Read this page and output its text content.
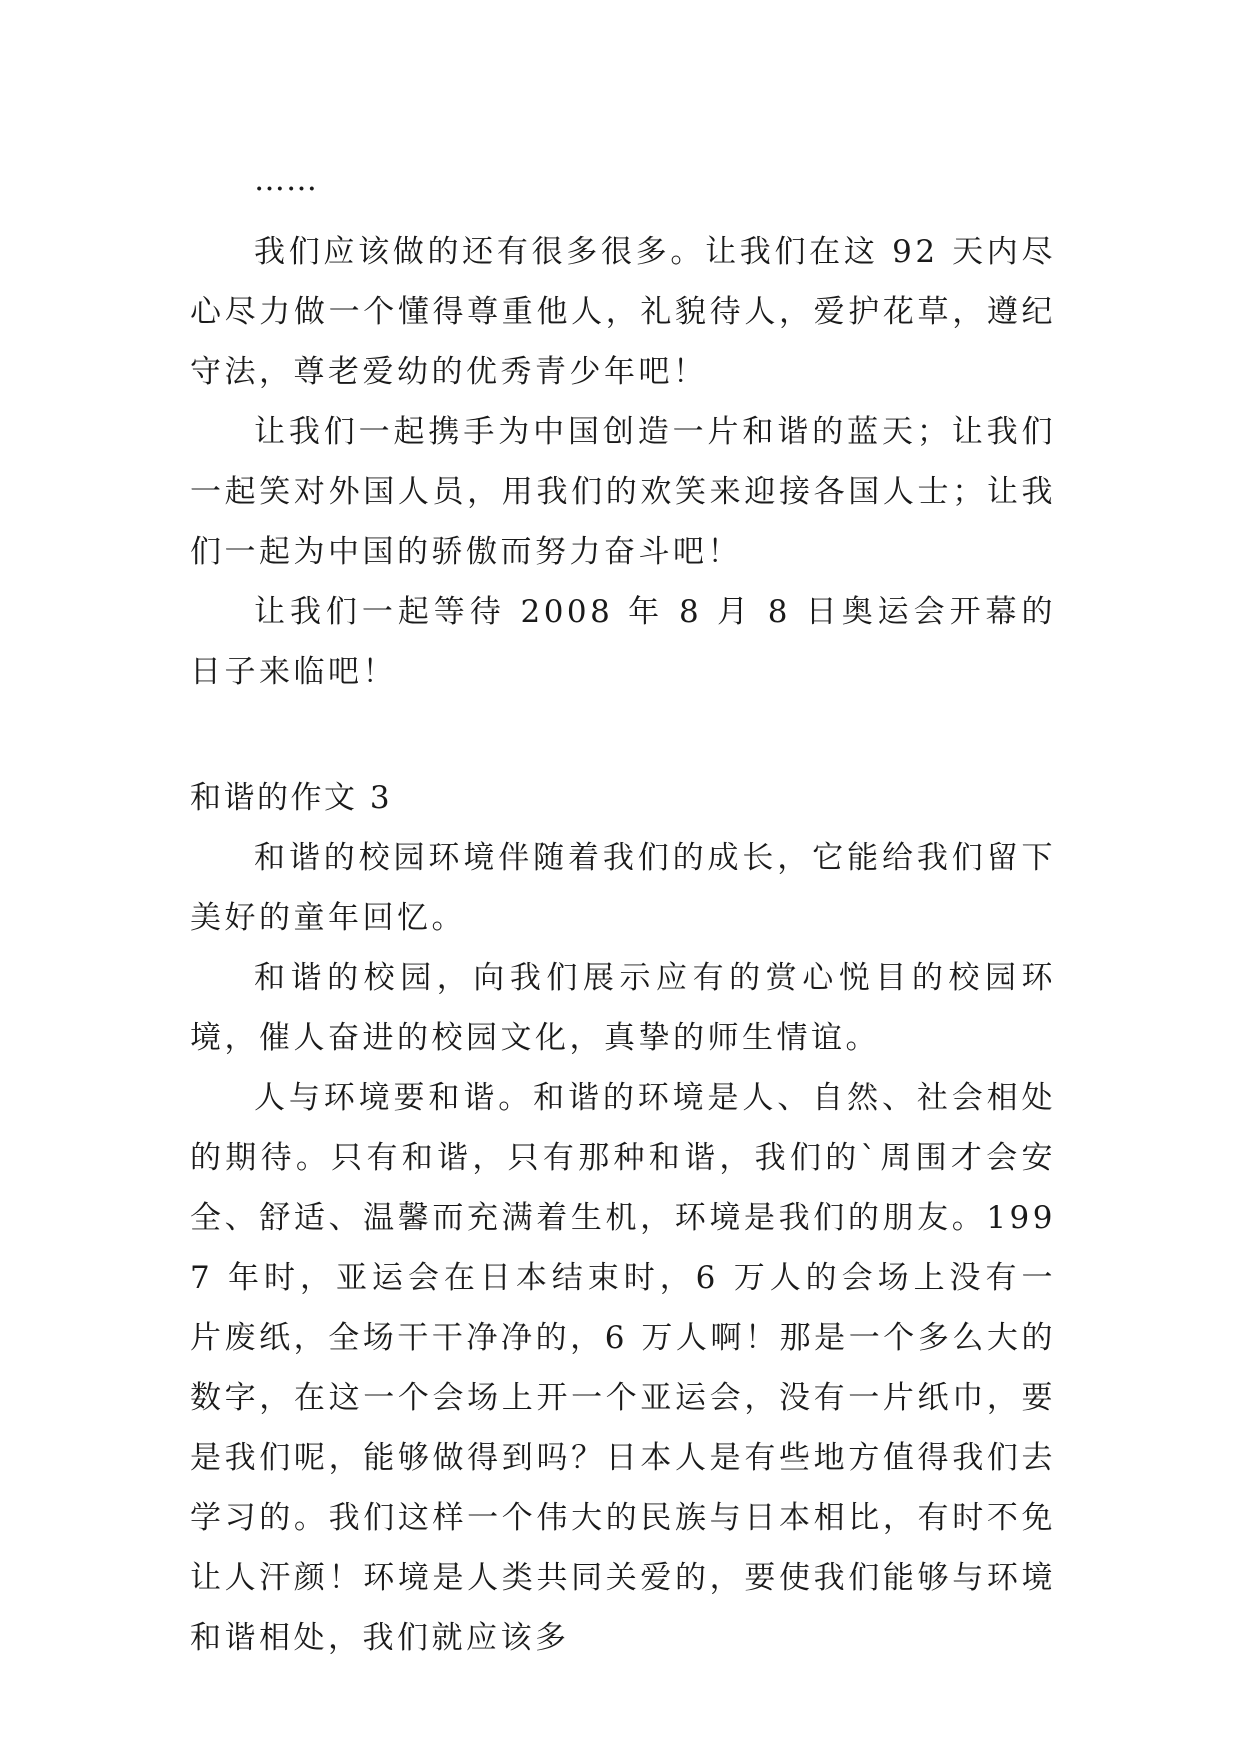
……

我们应该做的还有很多很多。让我们在这 92 天内尽心尽力做一个懂得尊重他人，礼貌待人，爱护花草，遵纪守法，尊老爱幼的优秀青少年吧！

让我们一起携手为中国创造一片和谐的蓝天；让我们一起笑对外国人员，用我们的欢笑来迎接各国人士；让我们一起为中国的骄傲而努力奋斗吧！

让我们一起等待 2008 年 8 月 8 日奥运会开幕的日子来临吧！

和谐的作文 3

和谐的校园环境伴随着我们的成长，它能给我们留下美好的童年回忆。

和谐的校园，向我们展示应有的赏心悦目的校园环境，催人奋进的校园文化，真挚的师生情谊。

人与环境要和谐。和谐的环境是人、自然、社会相处的期待。只有和谐，只有那种和谐，我们的`周围才会安全、舒适、温馨而充满着生机，环境是我们的朋友。1997 年时，亚运会在日本结束时，6 万人的会场上没有一片废纸，全场干干净净的，6 万人啊！那是一个多么大的数字，在这一个会场上开一个亚运会，没有一片纸巾，要是我们呢，能够做得到吗？日本人是有些地方值得我们去学习的。我们这样一个伟大的民族与日本相比，有时不免让人汗颜！环境是人类共同关爱的，要使我们能够与环境和谐相处，我们就应该多
